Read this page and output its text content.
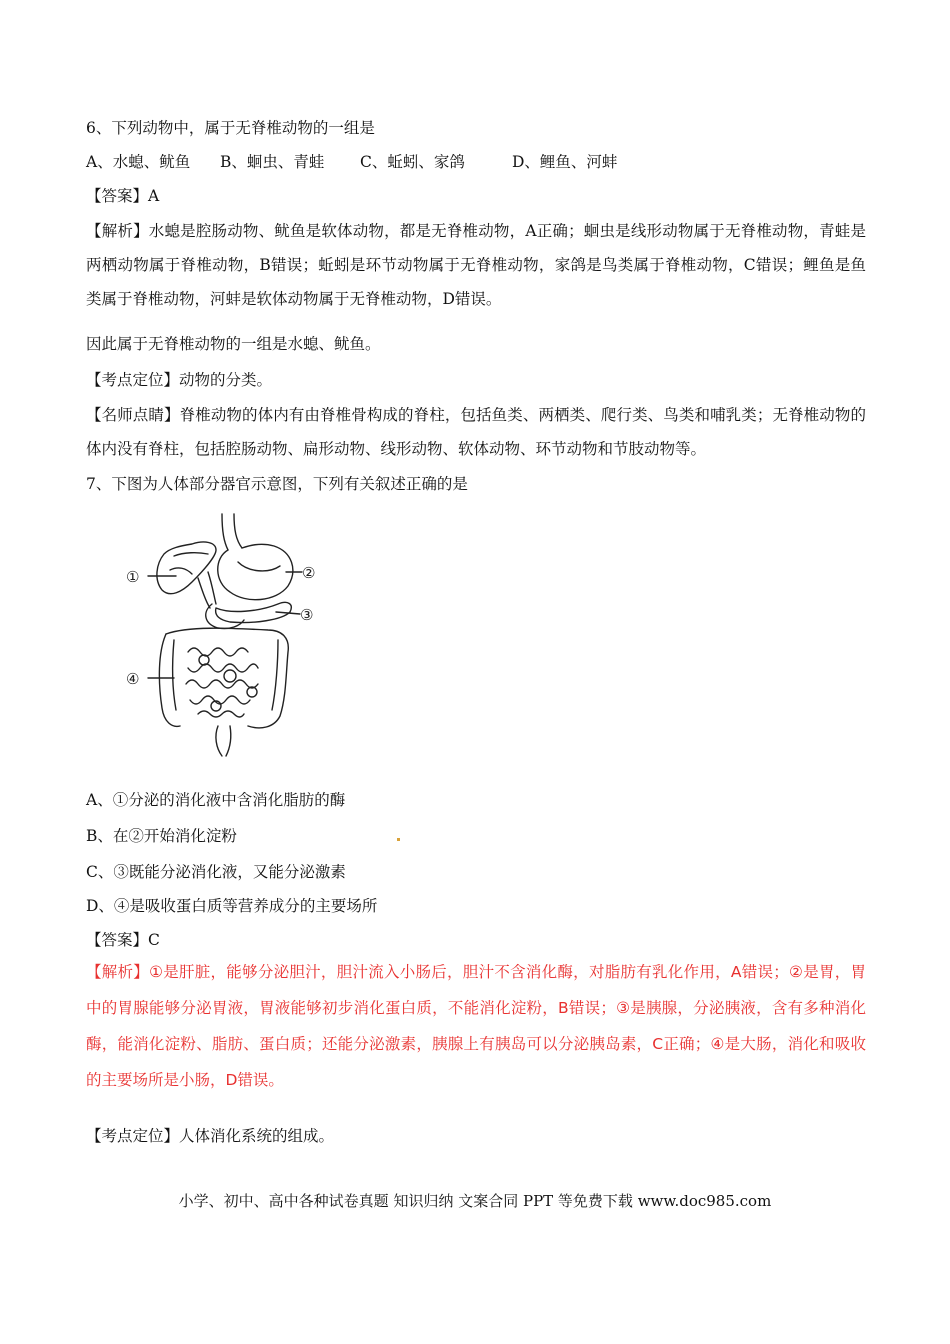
6、下列动物中，属于无脊椎动物的一组是
A、水螅、鱿鱼 B、蛔虫、青蛙 C、蚯蚓、家鸽	D、鲤鱼、河蚌
【答案】A
【解析】水螅是腔肠动物、鱿鱼是软体动物，都是无脊椎动物，A正确；蛔虫是线形动物属于无脊椎动物，青蛙是两栖动物属于脊椎动物，B错误；蚯蚓是环节动物属于无脊椎动物，家鸽是鸟类属于脊椎动物，C错误；鲤鱼是鱼类属于脊椎动物，河蚌是软体动物属于无脊椎动物，D错误。
因此属于无脊椎动物的一组是水螅、鱿鱼。
【考点定位】动物的分类。
【名师点睛】脊椎动物的体内有由脊椎骨构成的脊柱，包括鱼类、两栖类、爬行类、鸟类和哺乳类；无脊椎动物的体内没有脊柱，包括腔肠动物、扁形动物、线形动物、软体动物、环节动物和节肢动物等。
7、下图为人体部分器官示意图，下列有关叙述正确的是
①	②
③
④
A、①分泌的消化液中含消化脂肪的酶
B、在②开始消化淀粉
C、③既能分泌消化液，又能分泌激素
D、④是吸收蛋白质等营养成分的主要场所
【答案】C
【解析】①是肝脏，能够分泌胆汁，胆汁流入小肠后，胆汁不含消化酶，对脂肪有乳化作用，A错误；②是胃，胃中的胃腺能够分泌胃液，胃液能够初步消化蛋白质，不能消化淀粉，B错误；③是胰腺，分泌胰液，含有多种消化酶，能消化淀粉、脂肪、蛋白质；还能分泌激素，胰腺上有胰岛可以分泌胰岛素，C正确；④是大肠，消化和吸收的主要场所是小肠，D错误。
【考点定位】人体消化系统的组成。
小学、初中、高中各种试卷真题 知识归纳 文案合同 PPT 等免费下载 www.doc985.com
